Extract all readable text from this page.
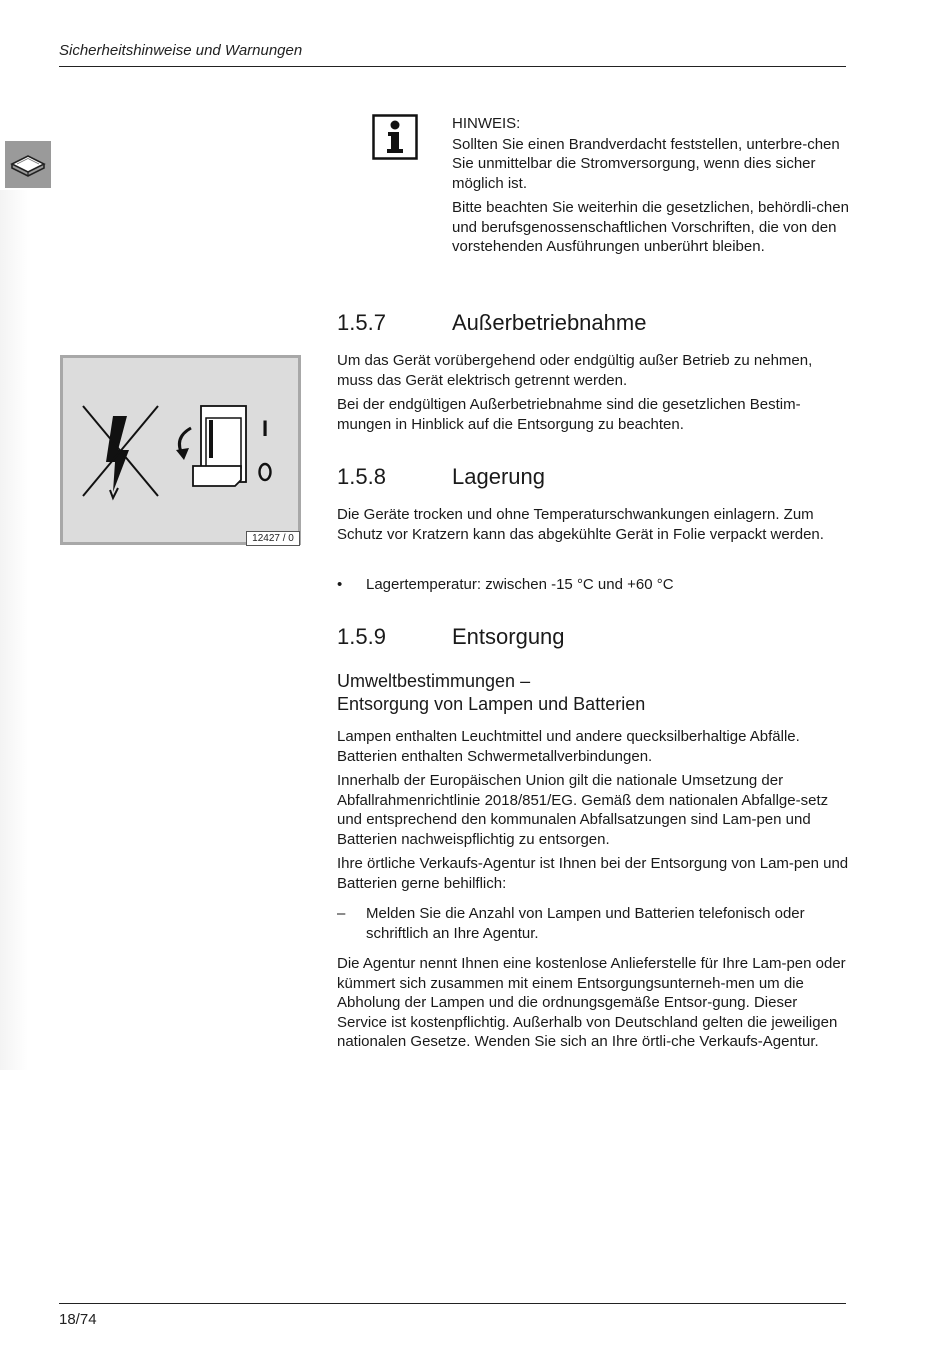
Sicherheitshinweise und Warnungen

HINWEIS:

Sollten Sie einen Brandverdacht feststellen, unterbre-chen Sie unmittelbar die Stromversorgung, wenn dies sicher möglich ist.

Bitte beachten Sie weiterhin die gesetzlichen, behördli-chen und berufsgenossenschaftlichen Vorschriften, die von den vorstehenden Ausführungen unberührt bleiben.

1.5.7	Außerbetriebnahme

Um das Gerät vorübergehend oder endgültig außer Betrieb zu nehmen, muss das Gerät elektrisch getrennt werden.

Bei der endgültigen Außerbetriebnahme sind die gesetzlichen Bestim-mungen in Hinblick auf die Entsorgung zu beachten.

I
12427 / 0
1.5.8	Lagerung

Die Geräte trocken und ohne Temperaturschwankungen einlagern. Zum Schutz vor Kratzern kann das abgekühlte Gerät in Folie verpackt werden.

•	Lagertemperatur: zwischen -15 °C und +60 °C
1.5.9	Entsorgung
Umweltbestimmungen –
Entsorgung von Lampen und Batterien

Lampen enthalten Leuchtmittel und andere quecksilberhaltige Abfälle. Batterien enthalten Schwermetallverbindungen.

Innerhalb der Europäischen Union gilt die nationale Umsetzung der Abfallrahmenrichtlinie 2018/851/EG. Gemäß dem nationalen Abfallge-setz und entsprechend den kommunalen Abfallsatzungen sind Lam-pen und Batterien nachweispflichtig zu entsorgen.

Ihre örtliche Verkaufs-Agentur ist Ihnen bei der Entsorgung von Lam-pen und Batterien gerne behilflich:

–	Melden Sie die Anzahl von Lampen und Batterien telefonisch oder schriftlich an Ihre Agentur.

Die Agentur nennt Ihnen eine kostenlose Anlieferstelle für Ihre Lam-pen oder kümmert sich zusammen mit einem Entsorgungsunterneh-men um die Abholung der Lampen und die ordnungsgemäße Entsor-gung. Dieser Service ist kostenpflichtig. Außerhalb von Deutschland gelten die jeweiligen nationalen Gesetze. Wenden Sie sich an Ihre örtli-che Verkaufs-Agentur.

18/74
